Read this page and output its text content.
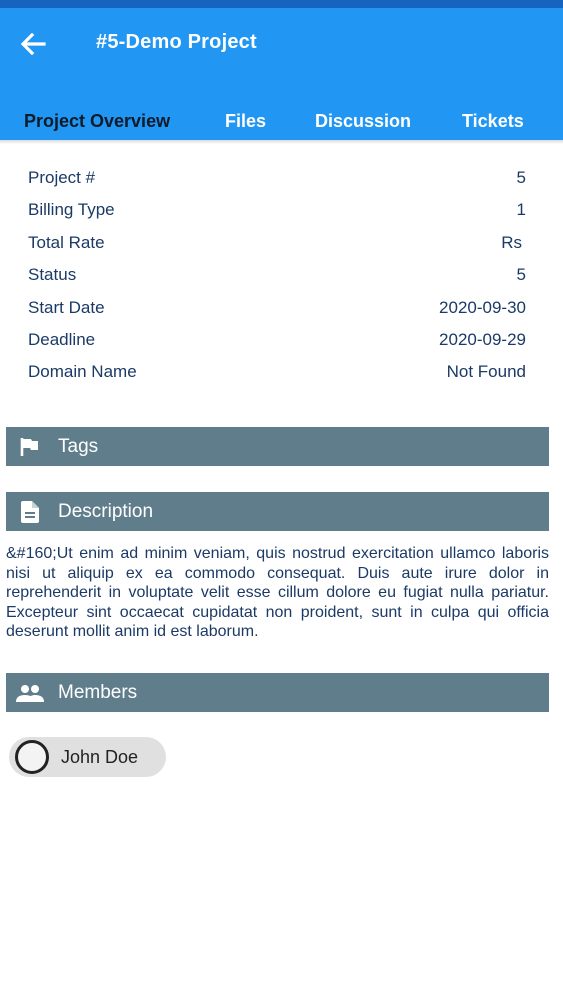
#5-Demo Project
Project Overview	Files	Discussion	Tickets
Project #	5
Billing Type	1
Total Rate	Rs
Status	5
Start Date	2020-09-30
Deadline	2020-09-29
Domain Name	Not Found
Tags
Description
&#160;Ut enim ad minim veniam, quis nostrud exercitation ullamco laboris nisi ut aliquip ex ea commodo consequat. Duis aute irure dolor in reprehenderit in voluptate velit esse cillum dolore eu fugiat nulla pariatur. Excepteur sint occaecat cupidatat non proident, sunt in culpa qui officia deserunt mollit anim id est laborum.
Members
John Doe
